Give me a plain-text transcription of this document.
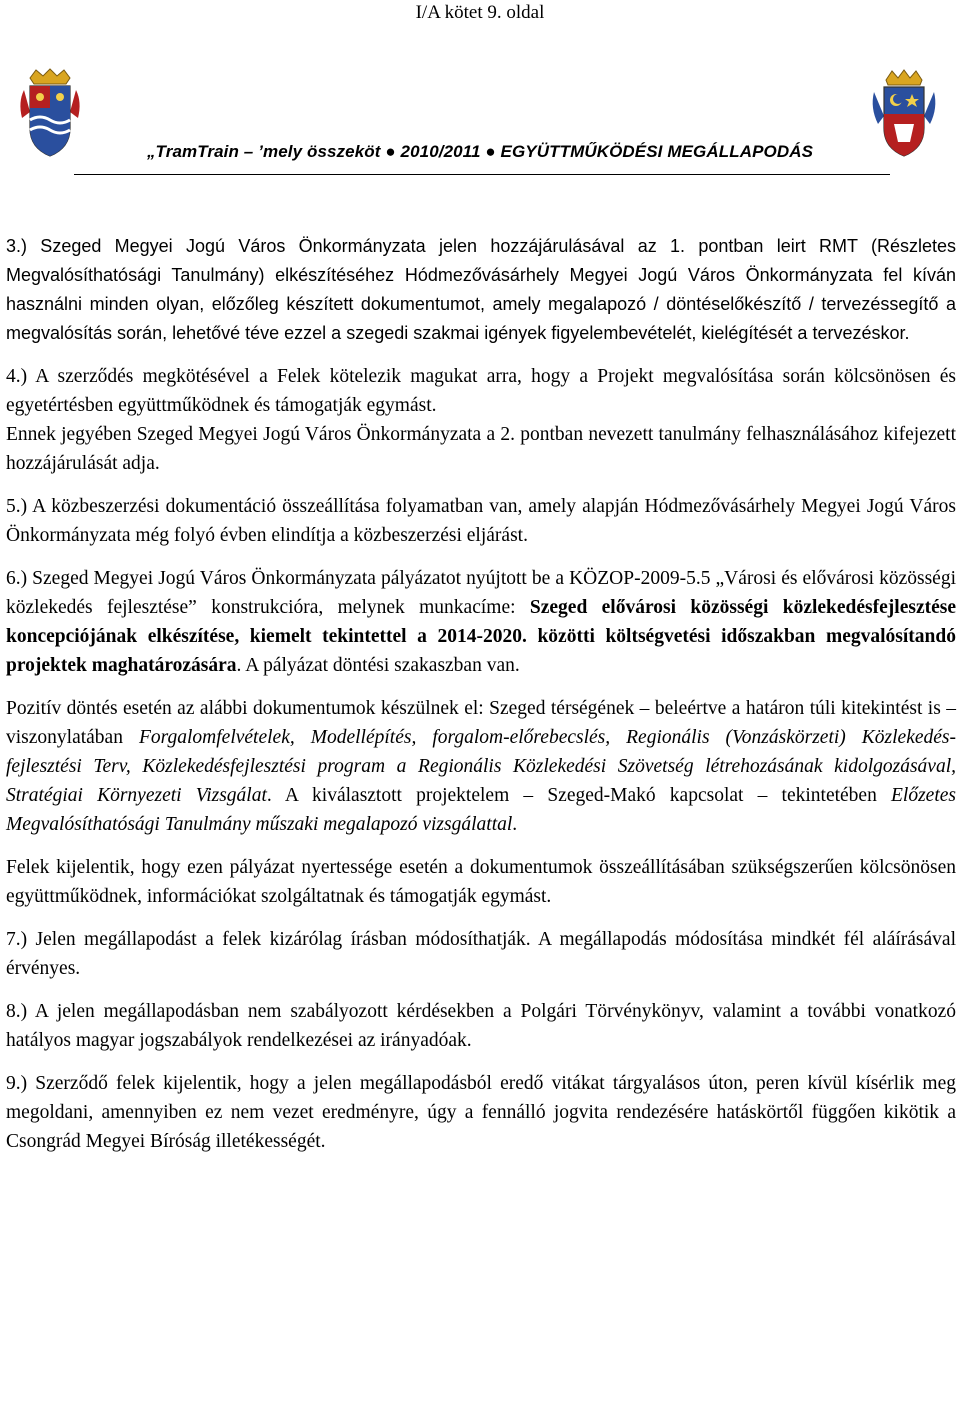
I/A kötet 9. oldal
„TramTrain – ’mely összeköt ● 2010/2011 ● EGYÜTTMŰKÖDÉSI MEGÁLLAPODÁS

3.) Szeged Megyei Jogú Város Önkormányzata jelen hozzájárulásával az 1. pontban leirt RMT (Részletes Megvalósíthatósági Tanulmány) elkészítéséhez Hódmezővásárhely Megyei Jogú Város Önkormányzata fel kíván használni minden olyan, előzőleg készített dokumentumot, amely megalapozó / döntéselőkészítő / tervezéssegítő a megvalósítás során, lehetővé téve ezzel a szegedi szakmai igények figyelembevételét, kielégítését a tervezéskor.

4.) A szerződés megkötésével a Felek kötelezik magukat arra, hogy a Projekt megvalósítása során kölcsönösen és egyetértésben együttműködnek és támogatják egymást.

Ennek jegyében Szeged Megyei Jogú Város Önkormányzata a 2. pontban nevezett tanulmány felhasználásához kifejezett hozzájárulását adja.

5.) A közbeszerzési dokumentáció összeállítása folyamatban van, amely alapján Hódmezővásárhely Megyei Jogú Város Önkormányzata még folyó évben elindítja a közbeszerzési eljárást.

6.) Szeged Megyei Jogú Város Önkormányzata pályázatot nyújtott be a KÖZOP-2009-5.5 „Városi és elővárosi közösségi közlekedés fejlesztése” konstrukcióra, melynek munkacíme: Szeged elővárosi közösségi közlekedésfejlesztése koncepciójának elkészítése, kiemelt tekintettel a 2014-2020. közötti költségvetési időszakban megvalósítandó projektek maghatározására. A pályázat döntési szakaszban van.

Pozitív döntés esetén az alábbi dokumentumok készülnek el: Szeged térségének – beleértve a határon túli kitekintést is – viszonylatában Forgalomfelvételek, Modellépítés, forgalom-előrebecslés, Regionális (Vonzáskörzeti) Közlekedés-fejlesztési Terv, Közlekedésfejlesztési program a Regionális Közlekedési Szövetség létrehozásának kidolgozásával, Stratégiai Környezeti Vizsgálat. A kiválasztott projektelem – Szeged-Makó kapcsolat – tekintetében Előzetes Megvalósíthatósági Tanulmány műszaki megalapozó vizsgálattal.

Felek kijelentik, hogy ezen pályázat nyertessége esetén a dokumentumok összeállításában szükségszerűen kölcsönösen együttműködnek, információkat szolgáltatnak és támogatják egymást.

7.) Jelen megállapodást a felek kizárólag írásban módosíthatják. A megállapodás módosítása mindkét fél aláírásával érvényes.

8.) A jelen megállapodásban nem szabályozott kérdésekben a Polgári Törvénykönyv, valamint a további vonatkozó hatályos magyar jogszabályok rendelkezései az irányadóak.

9.) Szerződő felek kijelentik, hogy a jelen megállapodásból eredő vitákat tárgyalásos úton, peren kívül kísérlik meg megoldani, amennyiben ez nem vezet eredményre, úgy a fennálló jogvita rendezésére hatáskörtől függően kikötik a Csongrád Megyei Bíróság illetékességét.
